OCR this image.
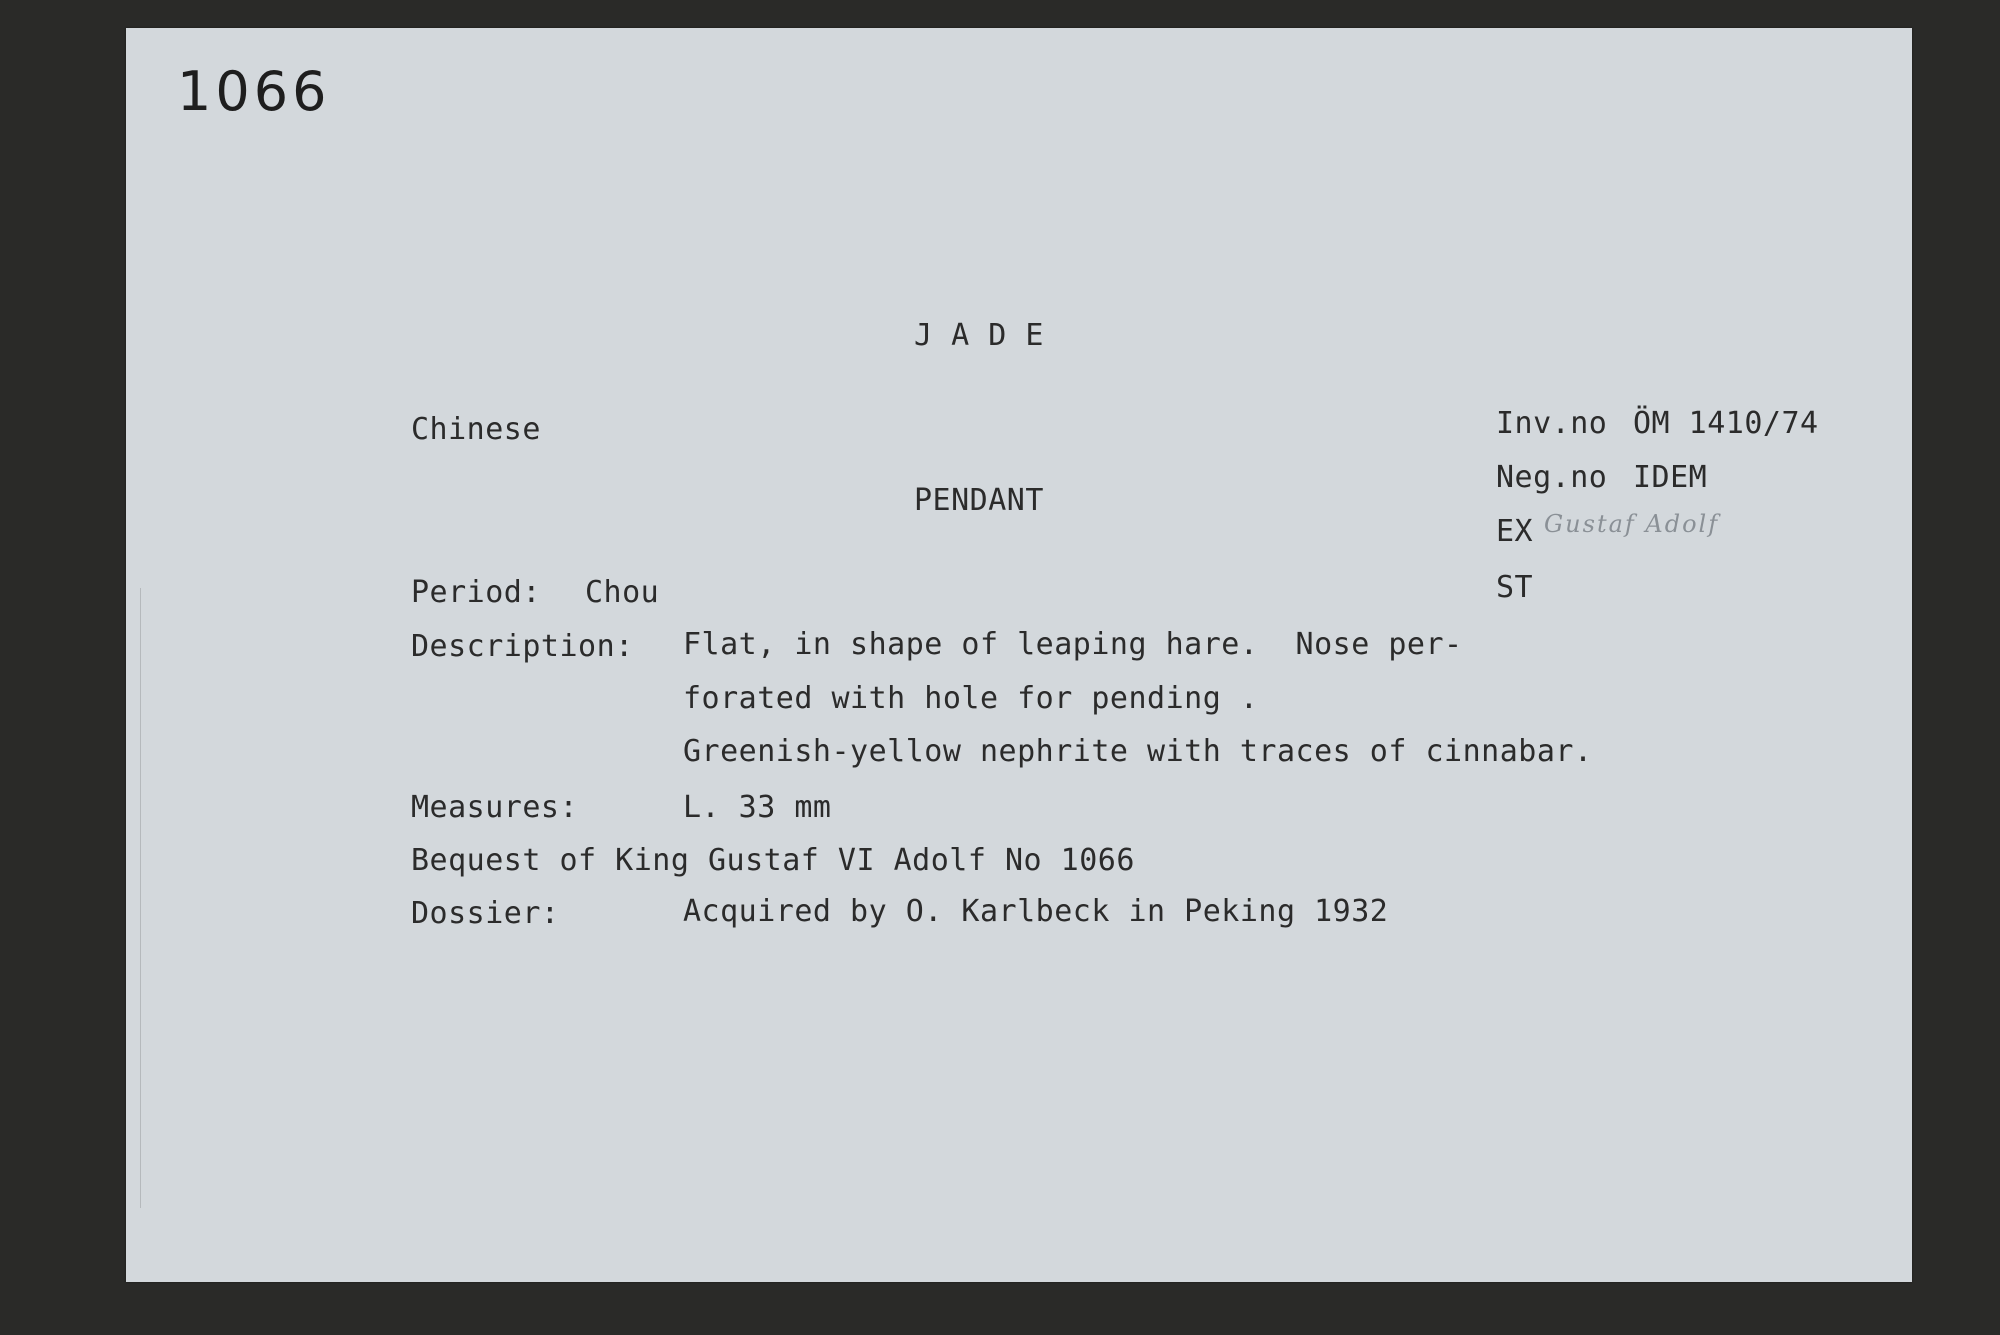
1066
J A D E
Chinese
PENDANT
Inv.no ÖM 1410/74
Neg.no IDEM
EX Gustaf Adolf
ST
Period: Chou
Description: Flat, in shape of leaping hare.  Nose per-
forated with hole for pending .
Greenish-yellow nephrite with traces of cinnabar.
Measures:	L. 33 mm
Bequest of King Gustaf VI Adolf No 1066
Dossier:	Acquired by O. Karlbeck in Peking 1932
